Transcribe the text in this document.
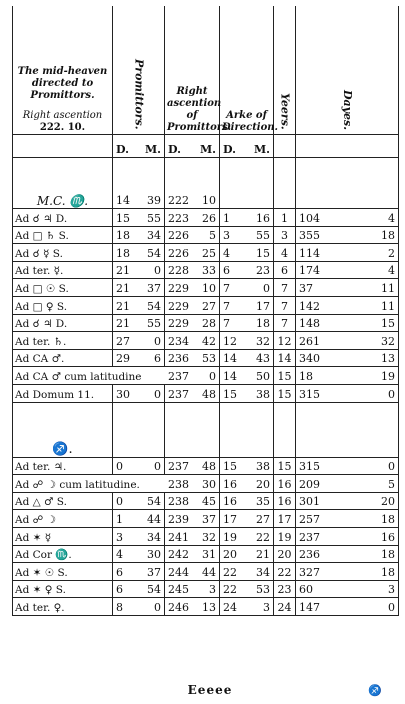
The mid-heaven directed to Promittors.
Right ascention
222. 10.	Promittors.	Right ascention of Promittors.	Arke of Direction.	Yeers.	Dayes.

	D. M.	D. M.	D. M.		

M.C. ♏.	14 39	222 10			

Ad ☌ ♃ D.	15 55	223 26	1 16	1	104 4

Ad □ ♄ S.	18 34	226 5	3 55	3	355 18

Ad ☌ ☿ S.	18 54	226 25	4 15	4	114 2

Ad ter. ☿.	21 0	228 33	6 23	6	174 4

Ad □ ☉ S.	21 37	229 10	7 0	7	37 11

Ad □ ♀ S.	21 54	229 27	7 17	7	142 11

Ad ☌ ♃ D.	21 55	229 28	7 18	7	148 15

Ad ter. ♄.	27 0	234 42	12 32	12	261 32

Ad CA ♂.	29 6	236 53	14 43	14	340 13

Ad CA ♂ cum latitudine		237 0	14 50	15	18 19

Ad Domum 11.	30 0	237 48	15 38	15	315 0

♐.					
Ad ter. ♃.	0 0	237 48	15 38	15	315 0

Ad ☍ ☽ cum latitudine.		238 30	16 20	16	209 5

Ad △ ♂ S.	0 54	238 45	16 35	16	301 20

Ad ☍ ☽	1 44	239 37	17 27	17	257 18

Ad ✶ ☿	3 34	241 32	19 22	19	237 16

Ad Cor ♏.	4 30	242 31	20 21	20	236 18

Ad ✶ ☉ S.	6 37	244 44	22 34	22	327 18

Ad ✶ ♀ S.	6 54	245 3	22 53	23	60 3

Ad ter. ♀.	8 0	246 13	24 3	24	147 0
Eeeee	♐
